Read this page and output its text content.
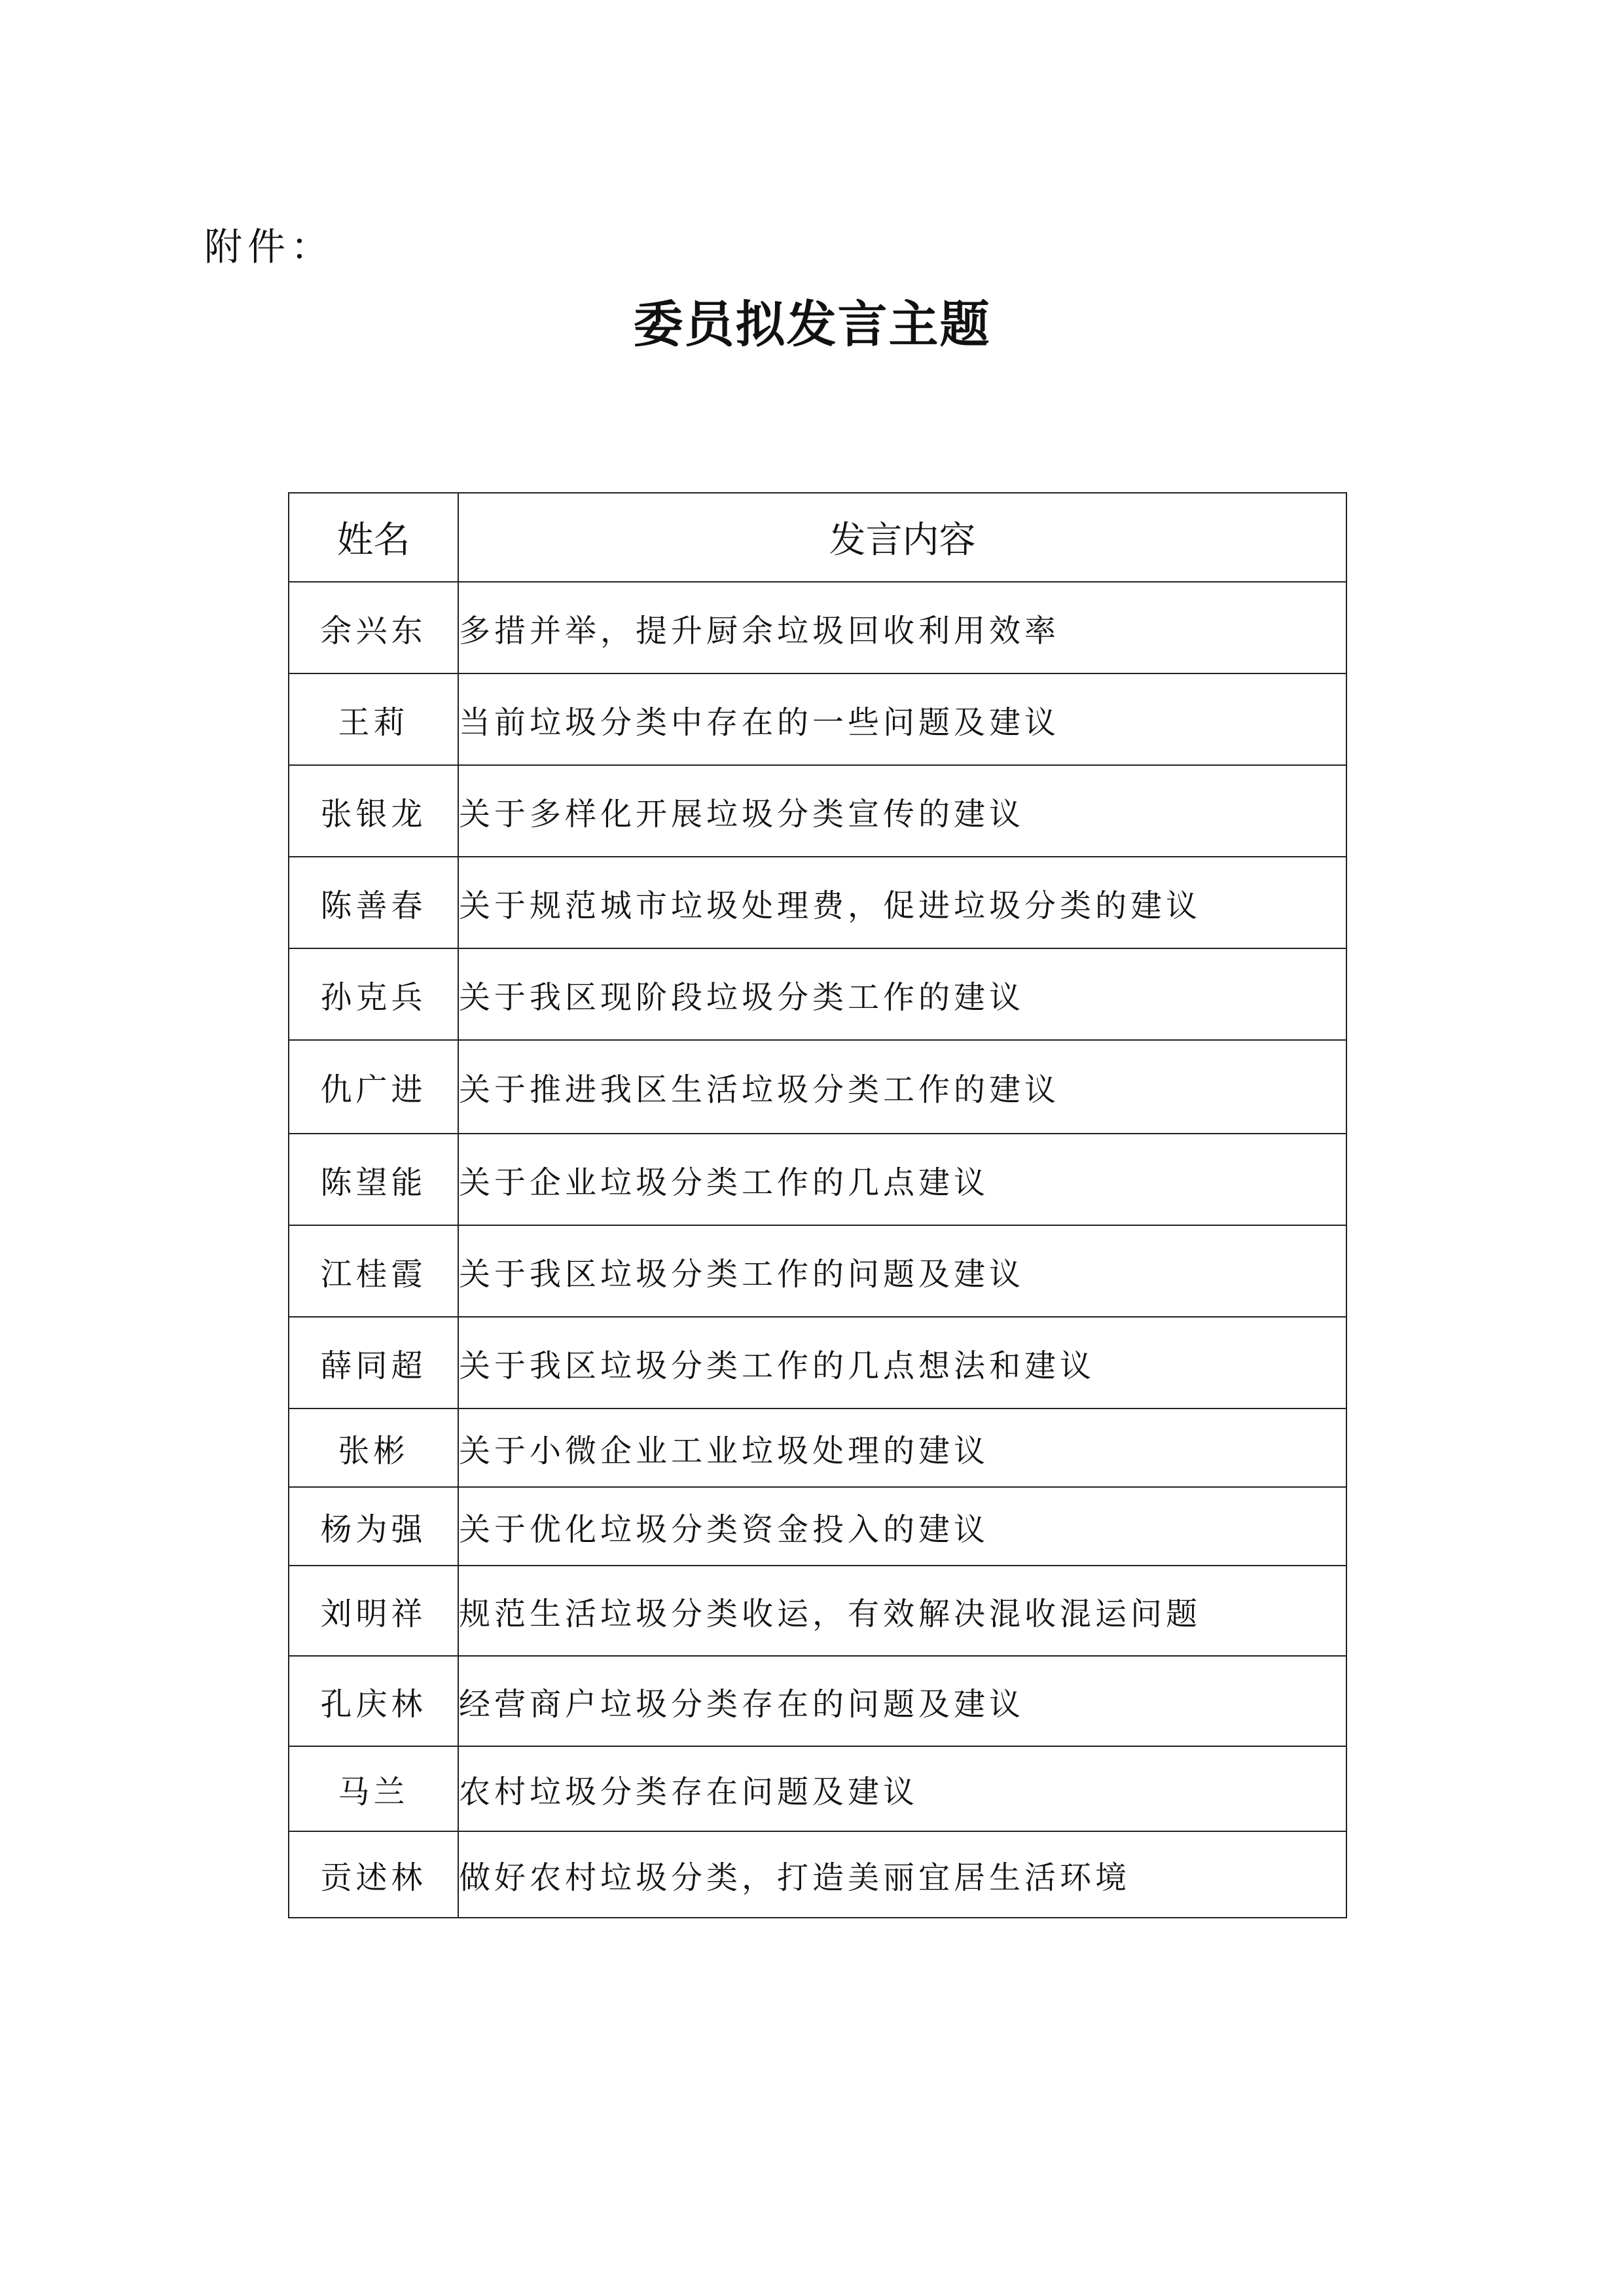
附件：
委员拟发言主题
姓名	发言内容
余兴东	多措并举，提升厨余垃圾回收利用效率
王莉	当前垃圾分类中存在的一些问题及建议
张银龙	关于多样化开展垃圾分类宣传的建议
陈善春	关于规范城市垃圾处理费，促进垃圾分类的建议
孙克兵	关于我区现阶段垃圾分类工作的建议
仇广进	关于推进我区生活垃圾分类工作的建议
陈望能	关于企业垃圾分类工作的几点建议
江桂霞	关于我区垃圾分类工作的问题及建议
薛同超	关于我区垃圾分类工作的几点想法和建议
张彬	关于小微企业工业垃圾处理的建议
杨为强	关于优化垃圾分类资金投入的建议
刘明祥	规范生活垃圾分类收运，有效解决混收混运问题
孔庆林	经营商户垃圾分类存在的问题及建议
马兰	农村垃圾分类存在问题及建议
贡述林	做好农村垃圾分类，打造美丽宜居生活环境
